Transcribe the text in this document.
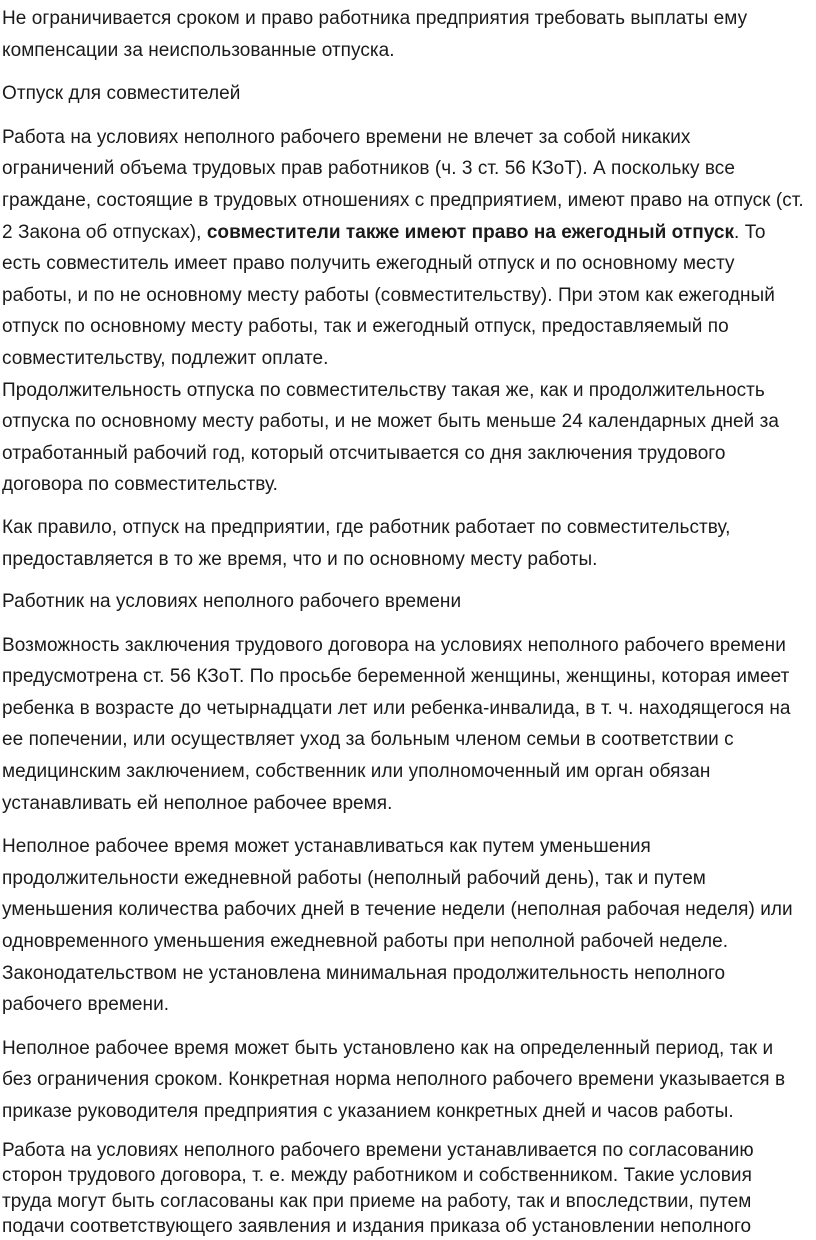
Не ограничивается сроком и право работника предприятия требовать выплаты ему компенсации за неиспользованные отпуска.

Отпуск для совместителей

Работа на условиях неполного рабочего времени не влечет за собой никаких ограничений объема трудовых прав работников (ч. 3 ст. 56 КЗоТ). А поскольку все граждане, состоящие в трудовых отношениях с предприятием, имеют право на отпуск (ст. 2 Закона об отпусках), совместители также имеют право на ежегодный отпуск. То есть совместитель имеет право получить ежегодный отпуск и по основному месту работы, и по не основному месту работы (совместительству). При этом как ежегодный отпуск по основному месту работы, так и ежегодный отпуск, предоставляемый по совместительству, подлежит оплате.

Продолжительность отпуска по совместительству такая же, как и продолжительность отпуска по основному месту работы, и не может быть меньше 24 календарных дней за отработанный рабочий год, который отсчитывается со дня заключения трудового договора по совместительству.

Как правило, отпуск на предприятии, где работник работает по совместительству, предоставляется в то же время, что и по основному месту работы.

Работник на условиях неполного рабочего времени

Возможность заключения трудового договора на условиях неполного рабочего времени предусмотрена ст. 56 КЗоТ. По просьбе беременной женщины, женщины, которая имеет ребенка в возрасте до четырнадцати лет или ребенка-инвалида, в т. ч. находящегося на ее попечении, или осуществляет уход за больным членом семьи в соответствии с медицинским заключением, собственник или уполномоченный им орган обязан устанавливать ей неполное рабочее время.

Неполное рабочее время может устанавливаться как путем уменьшения продолжительности ежедневной работы (неполный рабочий день), так и путем уменьшения количества рабочих дней в течение недели (неполная рабочая неделя) или одновременного уменьшения ежедневной работы при неполной рабочей неделе. Законодательством не установлена минимальная продолжительность неполного рабочего времени.

Неполное рабочее время может быть установлено как на определенный период, так и без ограничения сроком. Конкретная норма неполного рабочего времени указывается в приказе руководителя предприятия с указанием конкретных дней и часов работы.

Работа на условиях неполного рабочего времени устанавливается по согласованию сторон трудового договора, т. е. между работником и собственником. Такие условия труда могут быть согласованы как при приеме на работу, так и впоследствии, путем подачи соответствующего заявления и издания приказа об установлении неполного
